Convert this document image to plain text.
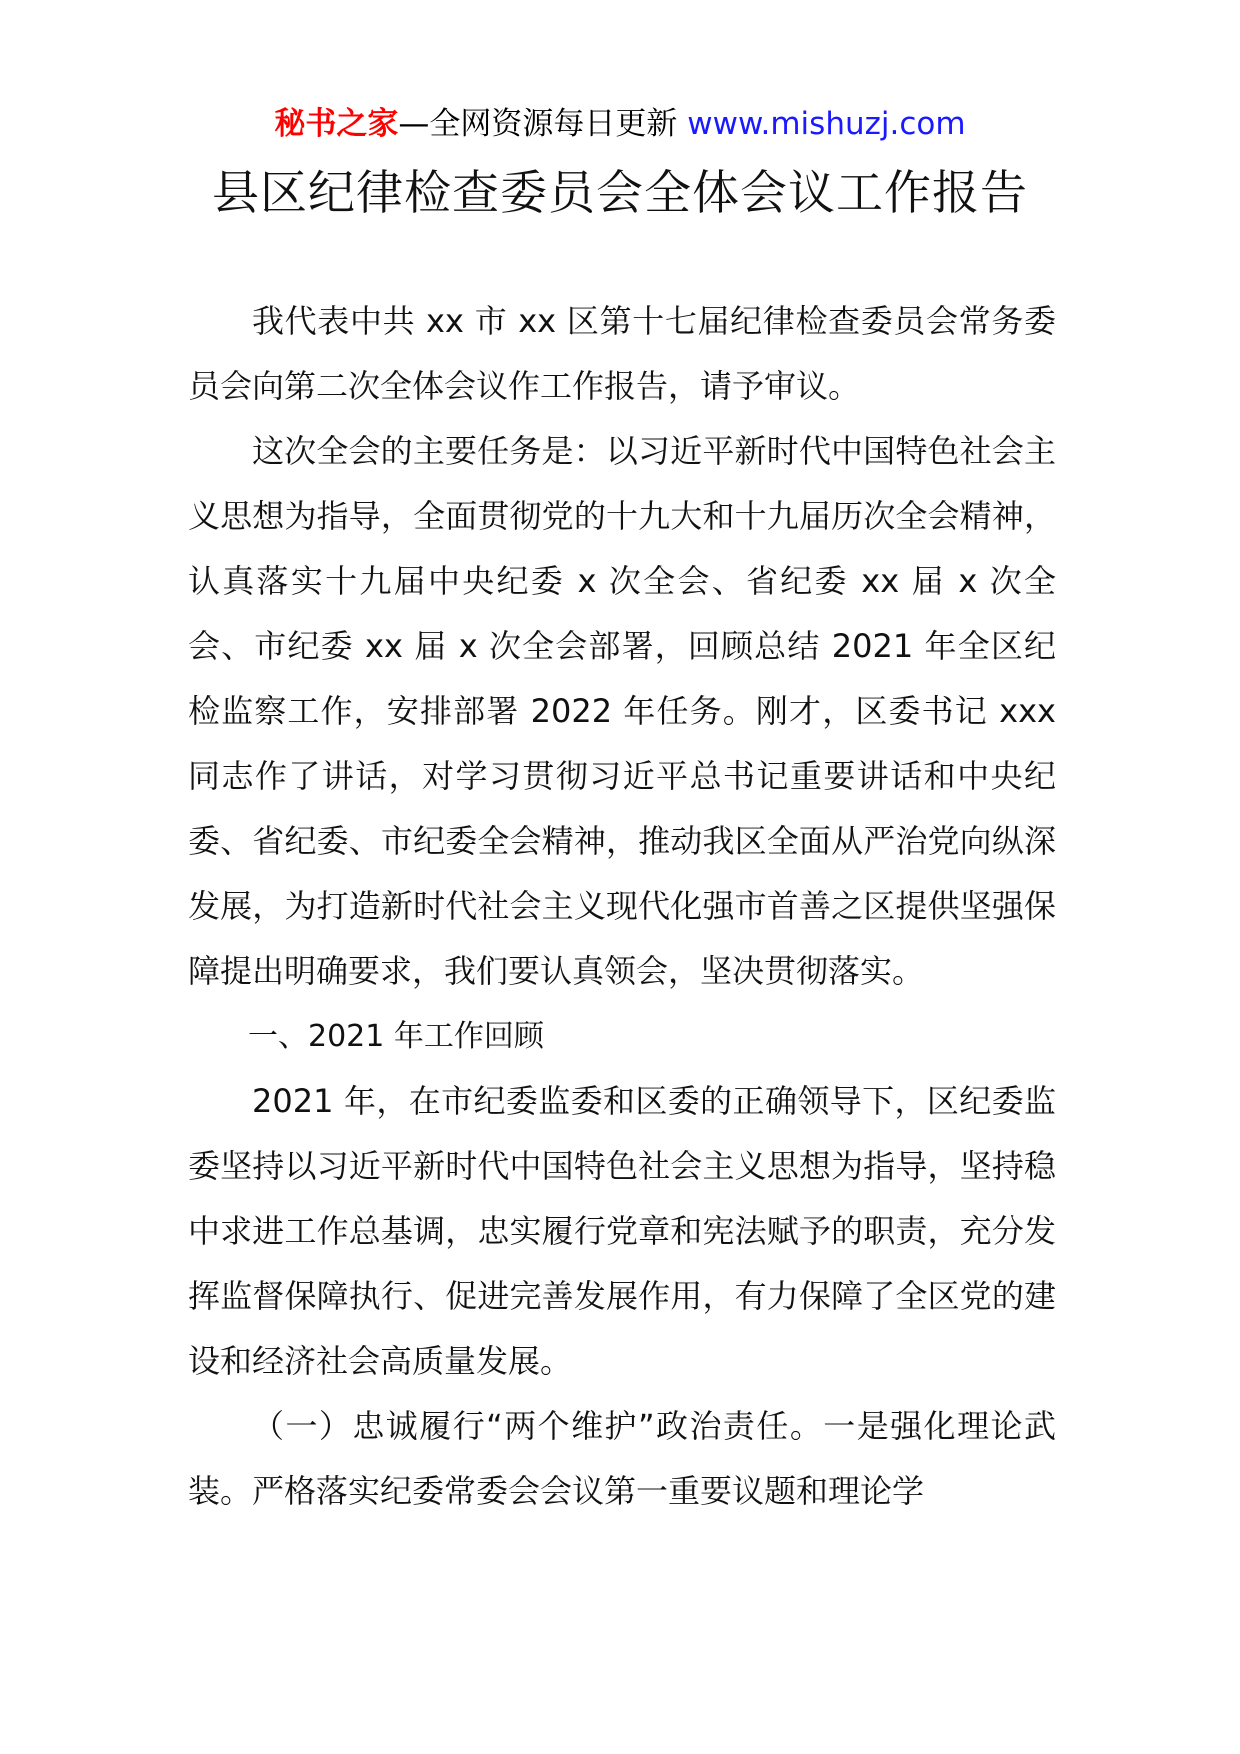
秘书之家—全网资源每日更新 www.mishuzj.com
县区纪律检查委员会全体会议工作报告

我代表中共 xx 市 xx 区第十七届纪律检查委员会常务委员会向第二次全体会议作工作报告，请予审议。

这次全会的主要任务是：以习近平新时代中国特色社会主义思想为指导，全面贯彻党的十九大和十九届历次全会精神，认真落实十九届中央纪委 x 次全会、省纪委 xx 届 x 次全会、市纪委 xx 届 x 次全会部署，回顾总结 2021 年全区纪检监察工作，安排部署 2022 年任务。刚才，区委书记 xxx 同志作了讲话，对学习贯彻习近平总书记重要讲话和中央纪委、省纪委、市纪委全会精神，推动我区全面从严治党向纵深发展，为打造新时代社会主义现代化强市首善之区提供坚强保障提出明确要求，我们要认真领会，坚决贯彻落实。

一、2021 年工作回顾

2021 年，在市纪委监委和区委的正确领导下，区纪委监委坚持以习近平新时代中国特色社会主义思想为指导，坚持稳中求进工作总基调，忠实履行党章和宪法赋予的职责，充分发挥监督保障执行、促进完善发展作用，有力保障了全区党的建设和经济社会高质量发展。

（一）忠诚履行“两个维护”政治责任。一是强化理论武装。严格落实纪委常委会会议第一重要议题和理论学
